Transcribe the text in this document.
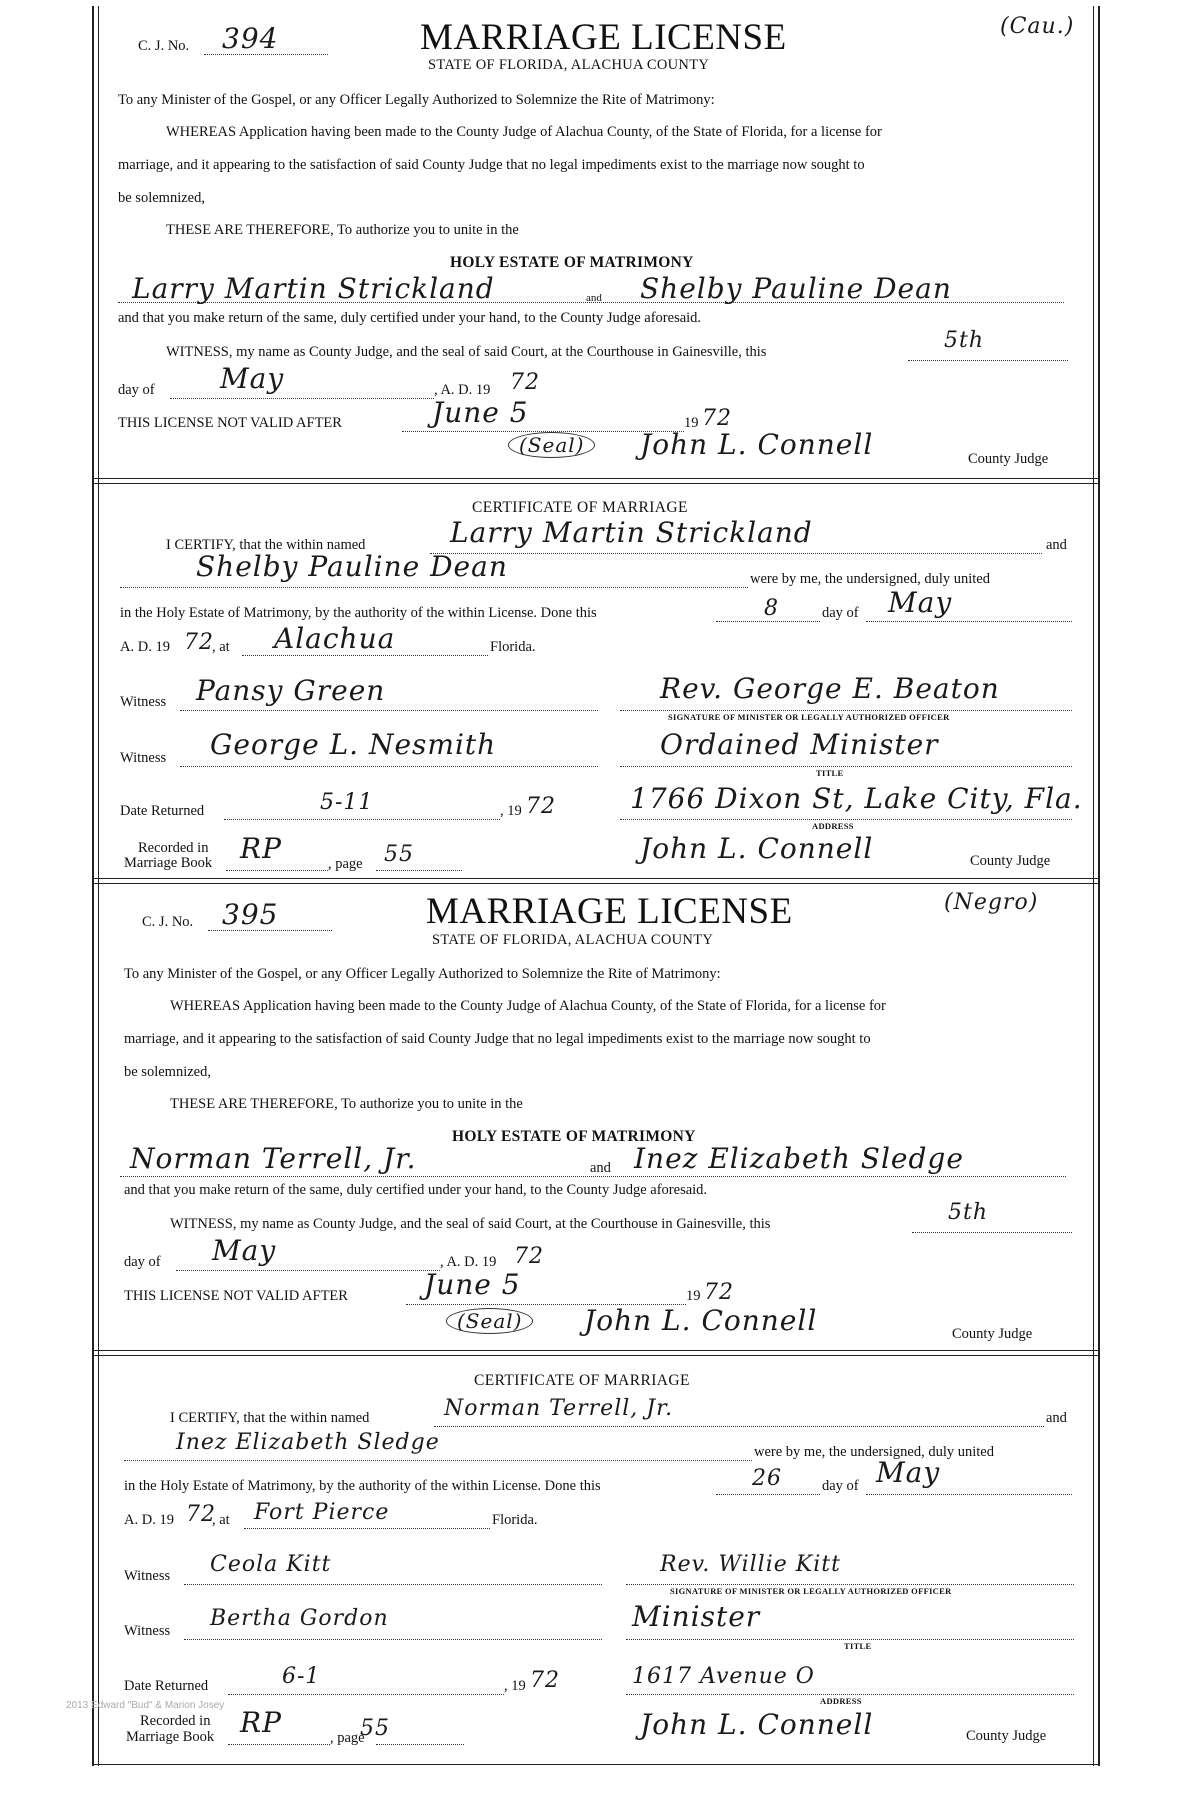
C. J. No. 394	MARRIAGE LICENSE
STATE OF FLORIDA, ALACHUA COUNTY
(Cau.)
To any Minister of the Gospel, or any Officer Legally Authorized to Solemnize the Rite of Matrimony:
WHEREAS Application having been made to the County Judge of Alachua County, of the State of Florida, for a license for
marriage, and it appearing to the satisfaction of said County Judge that no legal impediments exist to the marriage now sought to
be solemnized,
THESE ARE THEREFORE, To authorize you to unite in the
HOLY ESTATE OF MATRIMONY
Larry Martin Strickland	and Shelby Pauline Dean
and that you make return of the same, duly certified under your hand, to the County Judge aforesaid.
WITNESS, my name as County Judge, and the seal of said Court, at the Courthouse in Gainesville, this	5th
day of May	, A. D. 19 72
THIS LICENSE NOT VALID AFTER	June 5	19 72
(Seal)	John L. Connell	County Judge
CERTIFICATE OF MARRIAGE
I CERTIFY, that the within named	Larry Martin Strickland	and
Shelby Pauline Dean	were by me, the undersigned, duly united
in the Holy Estate of Matrimony, by the authority of the within License. Done this	8	day of May
A. D. 19 72
, at Alachua	Florida.
Witness Pansy Green	Rev. George E. Beaton
SIGNATURE OF MINISTER OR LEGALLY AUTHORIZED OFFICER
Witness George L. Nesmith	Ordained Minister
TITLE
Date Returned	5-11	, 19 72	1766 Dixon St, Lake City, Fla.
ADDRESS
Recorded in
Marriage Book RP	, page 55	John L. Connell	County Judge
C. J. No. 395	MARRIAGE LICENSE
STATE OF FLORIDA, ALACHUA COUNTY
(Negro)
To any Minister of the Gospel, or any Officer Legally Authorized to Solemnize the Rite of Matrimony:
WHEREAS Application having been made to the County Judge of Alachua County, of the State of Florida, for a license for
marriage, and it appearing to the satisfaction of said County Judge that no legal impediments exist to the marriage now sought to
be solemnized,
THESE ARE THEREFORE, To authorize you to unite in the
HOLY ESTATE OF MATRIMONY
Norman Terrell, Jr.	and Inez Elizabeth Sledge
and that you make return of the same, duly certified under your hand, to the County Judge aforesaid.
WITNESS, my name as County Judge, and the seal of said Court, at the Courthouse in Gainesville, this	5th
day of May	, A. D. 19 72
THIS LICENSE NOT VALID AFTER	June 5	19 72
(Seal)	John L. Connell	County Judge
CERTIFICATE OF MARRIAGE
I CERTIFY, that the within named	Norman Terrell, Jr.	and
Inez Elizabeth Sledge	were by me, the undersigned, duly united
in the Holy Estate of Matrimony, by the authority of the within License. Done this	26	day of May
A. D. 19 72
, at Fort Pierce	Florida.
Witness Ceola Kitt	Rev. Willie Kitt
SIGNATURE OF MINISTER OR LEGALLY AUTHORIZED OFFICER
Witness Bertha Gordon	Minister
TITLE
Date Returned	6-1	, 19 72	1617 Avenue O
ADDRESS
Recorded in
Marriage Book RP	, page
55	John L. Connell	County Judge
2013 Edward "Bud" & Marion Josey
